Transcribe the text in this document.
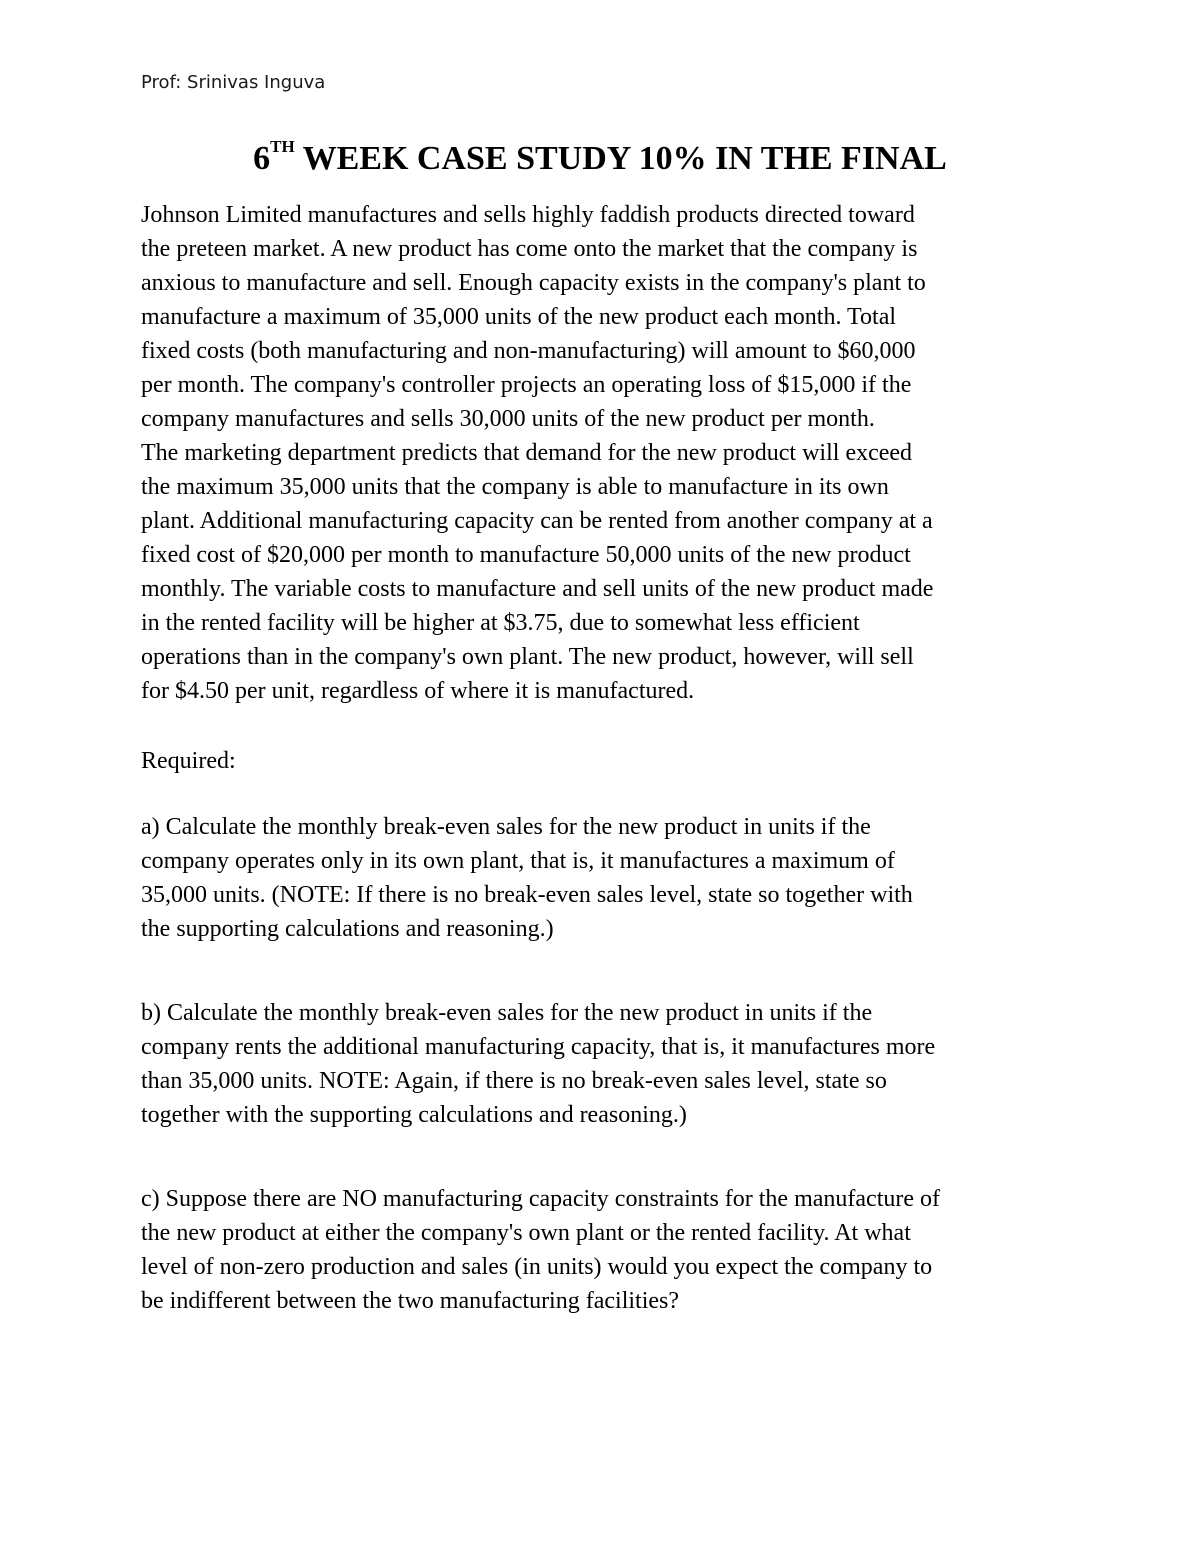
Prof: Srinivas Inguva
6TH WEEK CASE STUDY 10% IN THE FINAL
Johnson Limited manufactures and sells highly faddish products directed toward
the preteen market. A new product has come onto the market that the company is
anxious to manufacture and sell. Enough capacity exists in the company's plant to
manufacture a maximum of 35,000 units of the new product each month. Total
fixed costs (both manufacturing and non-manufacturing) will amount to $60,000
per month. The company's controller projects an operating loss of $15,000 if the
company manufactures and sells 30,000 units of the new product per month.
The marketing department predicts that demand for the new product will exceed
the maximum 35,000 units that the company is able to manufacture in its own
plant. Additional manufacturing capacity can be rented from another company at a
fixed cost of $20,000 per month to manufacture 50,000 units of the new product
monthly. The variable costs to manufacture and sell units of the new product made
in the rented facility will be higher at $3.75, due to somewhat less efficient
operations than in the company's own plant. The new product, however, will sell
for $4.50 per unit, regardless of where it is manufactured.
Required:
a) Calculate the monthly break-even sales for the new product in units if the
company operates only in its own plant, that is, it manufactures a maximum of
35,000 units. (NOTE: If there is no break-even sales level, state so together with
the supporting calculations and reasoning.)
b) Calculate the monthly break-even sales for the new product in units if the
company rents the additional manufacturing capacity, that is, it manufactures more
than 35,000 units. NOTE: Again, if there is no break-even sales level, state so
together with the supporting calculations and reasoning.)
c) Suppose there are NO manufacturing capacity constraints for the manufacture of
the new product at either the company's own plant or the rented facility. At what
level of non-zero production and sales (in units) would you expect the company to
be indifferent between the two manufacturing facilities?
